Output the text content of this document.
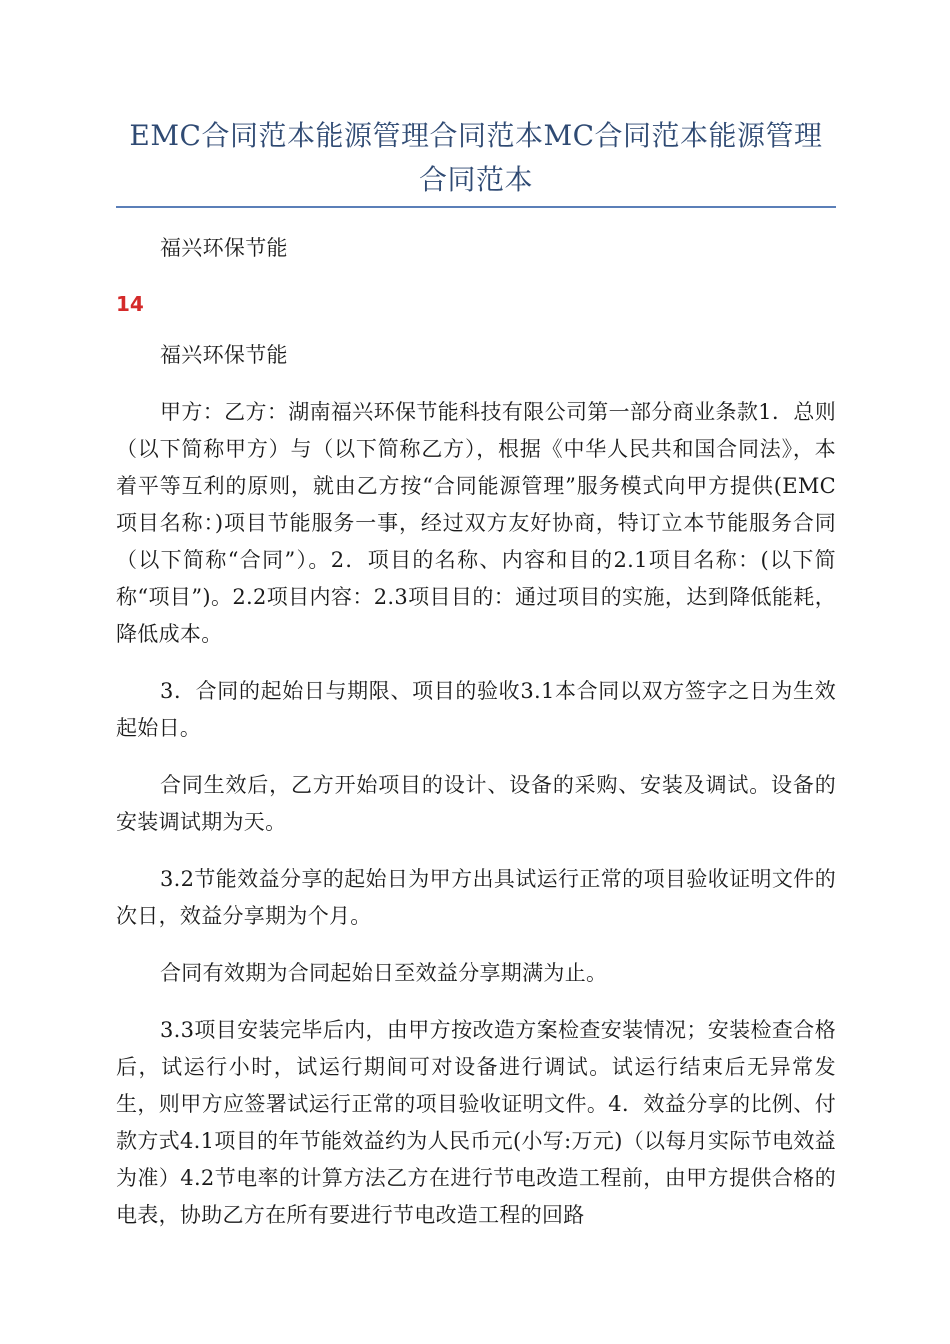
EMC合同范本能源管理合同范本MC合同范本能源管理合同范本

福兴环保节能

14

福兴环保节能

甲方：乙方：湖南福兴环保节能科技有限公司第一部分商业条款1．总则（以下简称甲方）与（以下简称乙方），根据《中华人民共和国合同法》，本着平等互利的原则，就由乙方按“合同能源管理”服务模式向甲方提供(EMC项目名称：)项目节能服务一事，经过双方友好协商，特订立本节能服务合同（以下简称“合同”）。2．项目的名称、内容和目的2.1项目名称：(以下简称“项目”)。2.2项目内容：2.3项目目的：通过项目的实施，达到降低能耗，降低成本。

3．合同的起始日与期限、项目的验收3.1本合同以双方签字之日为生效起始日。

合同生效后，乙方开始项目的设计、设备的采购、安装及调试。设备的安装调试期为天。

3.2节能效益分享的起始日为甲方出具试运行正常的项目验收证明文件的次日，效益分享期为个月。

合同有效期为合同起始日至效益分享期满为止。

3.3项目安装完毕后内，由甲方按改造方案检查安装情况；安装检查合格后，试运行小时，试运行期间可对设备进行调试。试运行结束后无异常发生，则甲方应签署试运行正常的项目验收证明文件。4．效益分享的比例、付款方式4.1项目的年节能效益约为人民币元(小写:万元)（以每月实际节电效益为准）4.2节电率的计算方法乙方在进行节电改造工程前，由甲方提供合格的电表，协助乙方在所有要进行节电改造工程的回路
